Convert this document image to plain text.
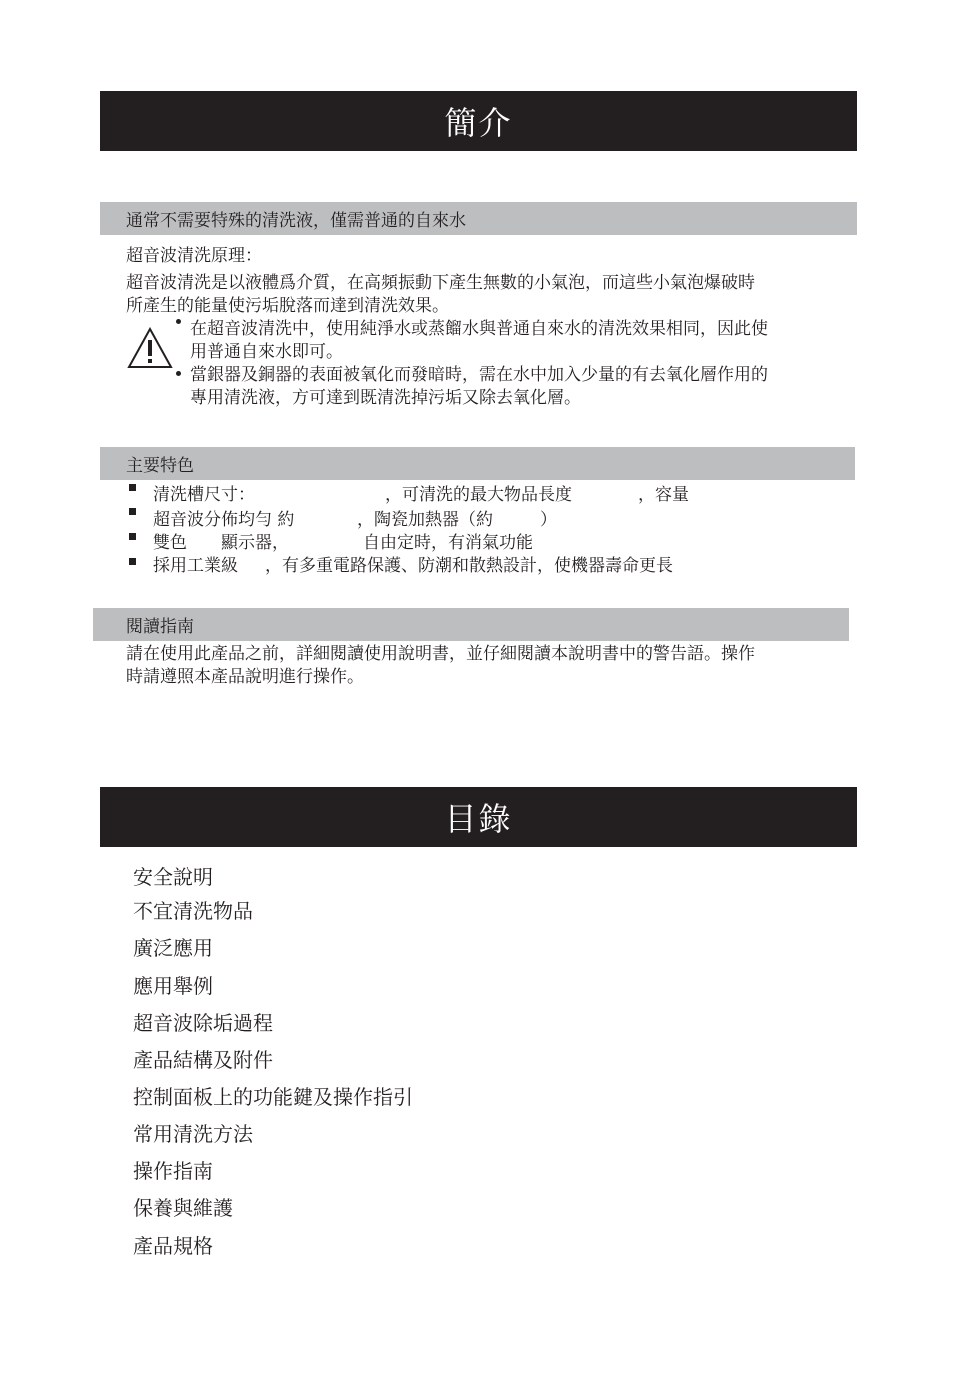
簡介
通常不需要特殊的清洗液，僅需普通的自來水
超音波清洗原理：
超音波清洗是以液體爲介質，在高頻振動下產生無數的小氣泡，而這些小氣泡爆破時
所產生的能量使污垢脫落而達到清洗效果。
在超音波清洗中，使用純淨水或蒸餾水與普通自來水的清洗效果相同，因此使
用普通自來水即可。
當銀器及銅器的表面被氧化而發暗時，需在水中加入少量的有去氧化層作用的
專用清洗液，方可達到既清洗掉污垢又除去氧化層。
主要特色
清洗槽尺寸：	，可清洗的最大物品長度	，容量
超音波分佈均勻 約	，陶瓷加熱器（約	）
雙色 顯示器，	自由定時，有消氣功能
採用工業級 ，有多重電路保護、防潮和散熱設計，使機器壽命更長
閱讀指南
請在使用此產品之前，詳細閱讀使用說明書，並仔細閱讀本說明書中的警告語。操作
時請遵照本產品說明進行操作。
目錄
安全說明
不宜清洗物品
廣泛應用
應用舉例
超音波除垢過程
產品結構及附件
控制面板上的功能鍵及操作指引
常用清洗方法
操作指南
保養與維護
產品規格
